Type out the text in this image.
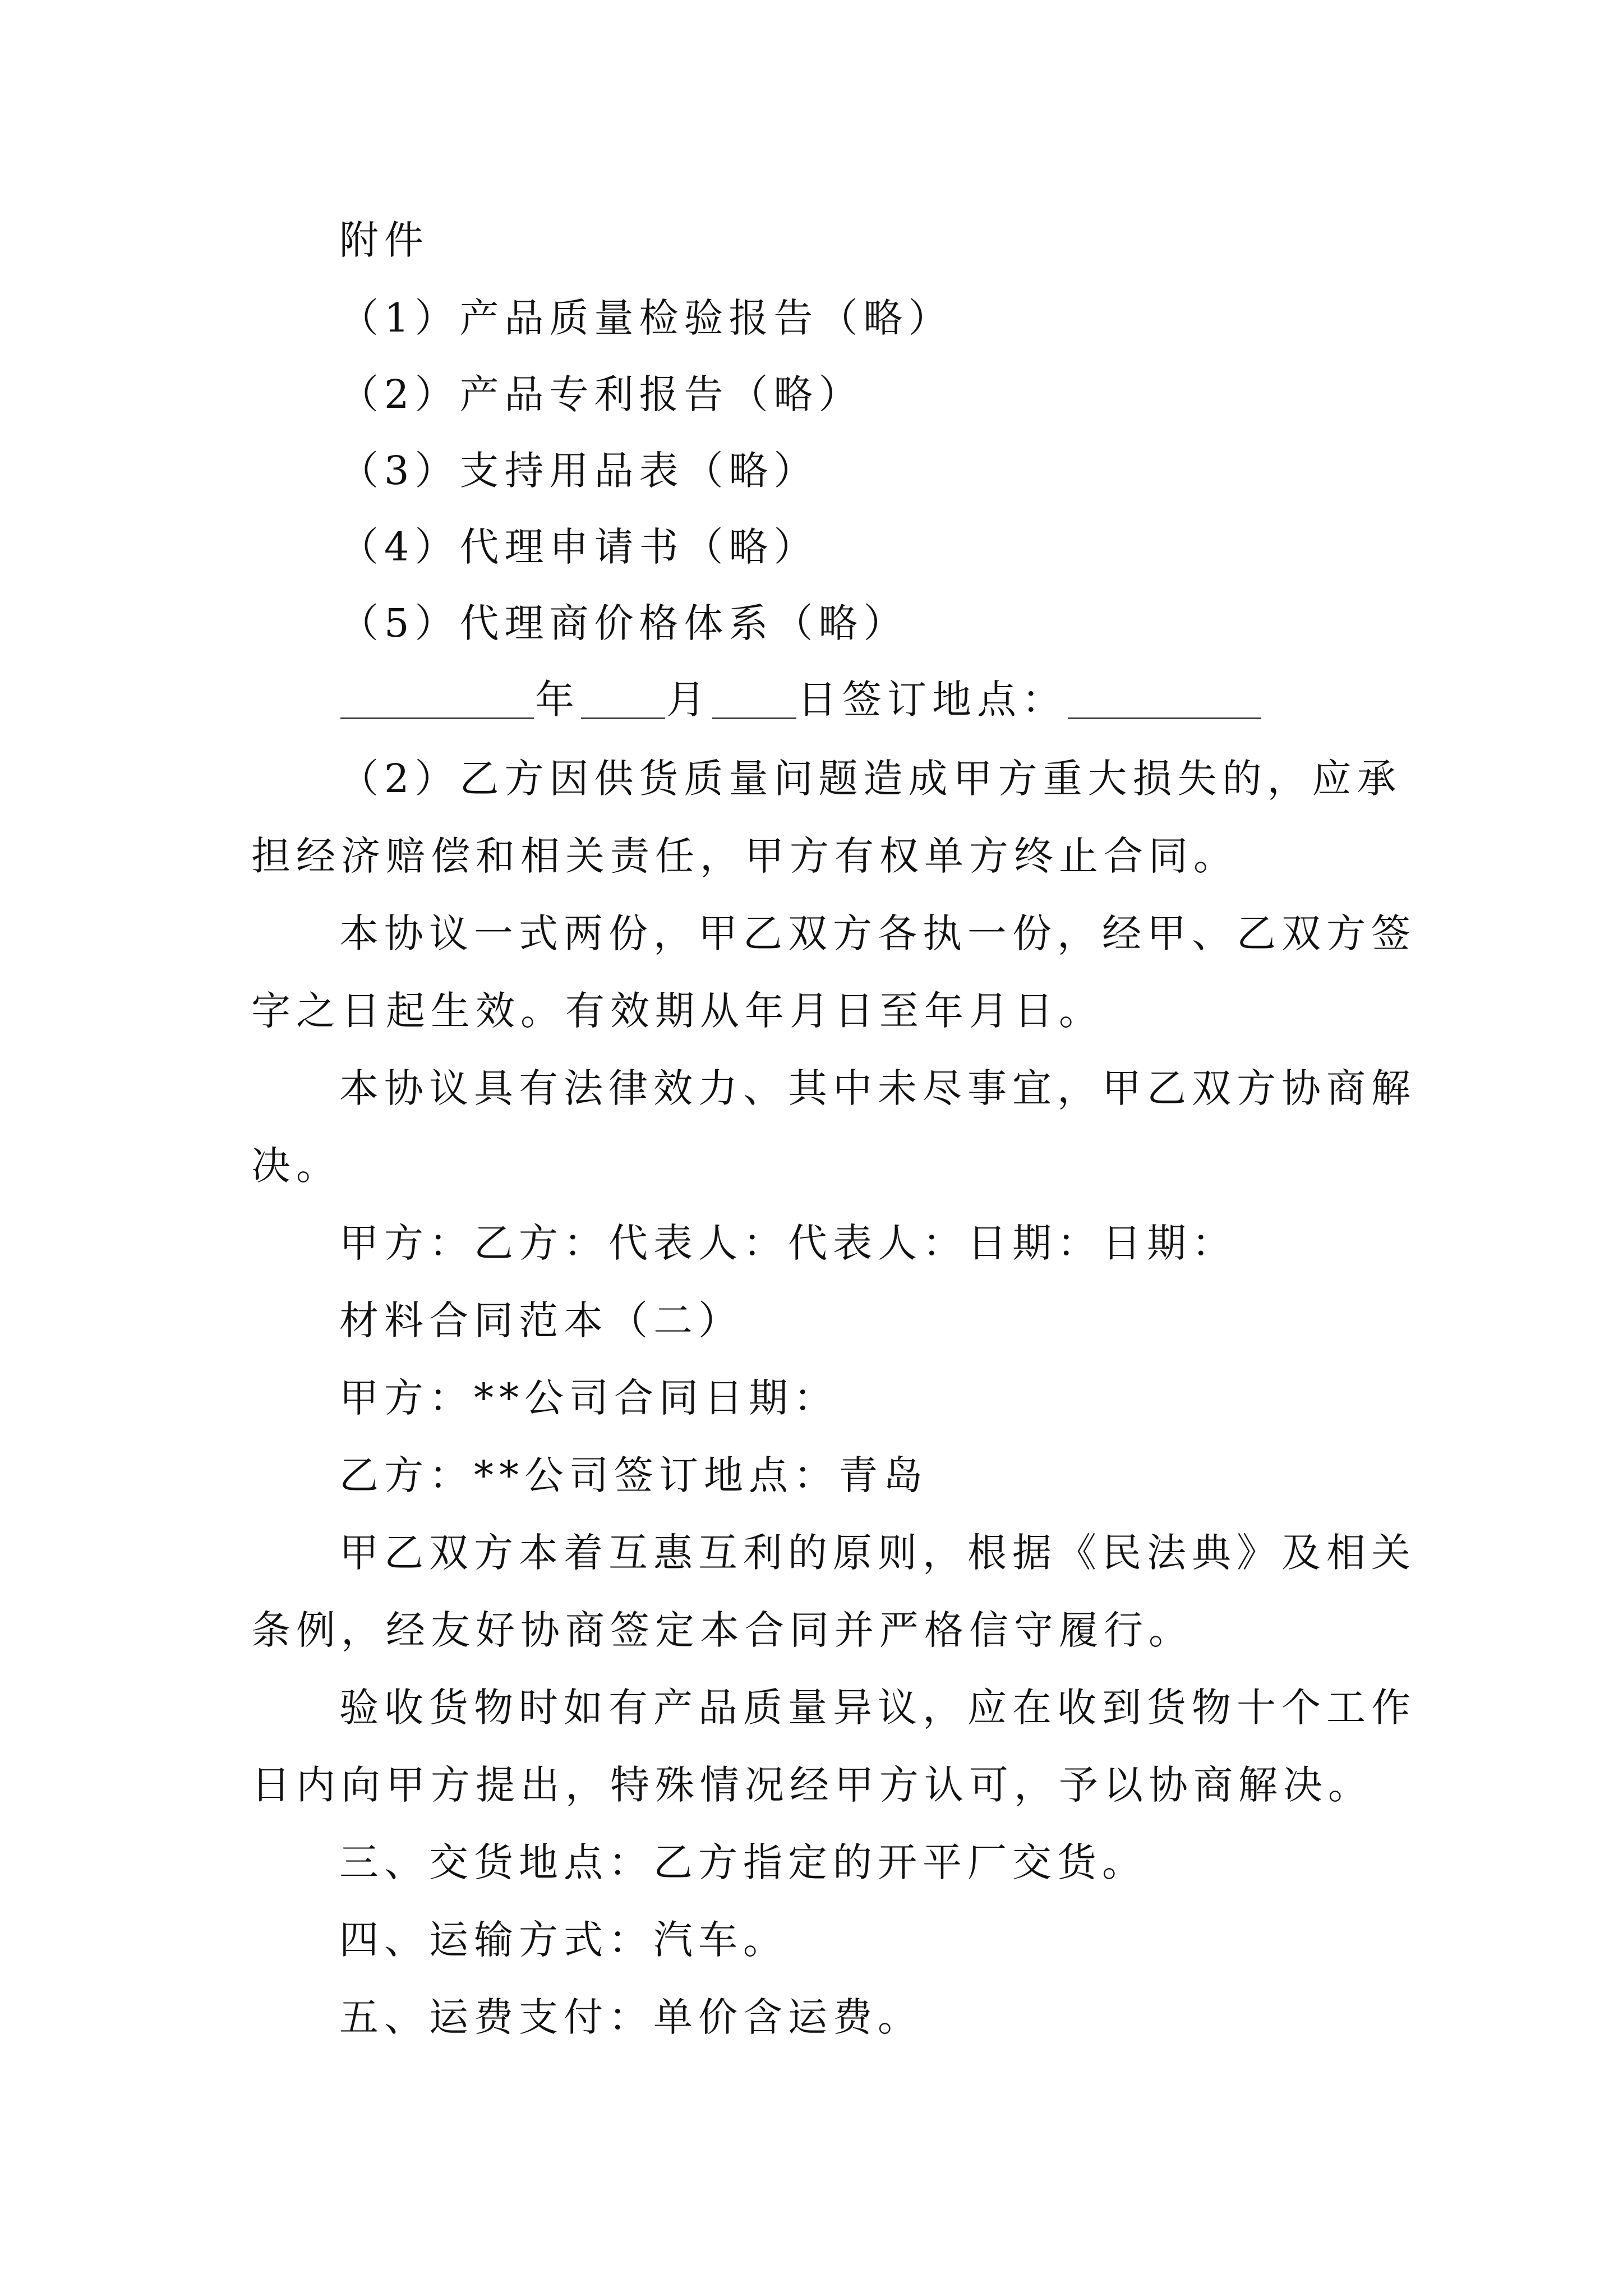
附件
（1）产品质量检验报告（略）
（2）产品专利报告（略）
（3）支持用品表（略）
（4）代理申请书（略）
（5）代理商价格体系（略）
年 月 日签订地点：
（2）乙方因供货质量问题造成甲方重大损失的，应承
担经济赔偿和相关责任，甲方有权单方终止合同。
本协议一式两份，甲乙双方各执一份，经甲、乙双方签
字之日起生效。有效期从年月日至年月日。
本协议具有法律效力、其中未尽事宜，甲乙双方协商解
决。
甲方：乙方：代表人：代表人：日期：日期：
材料合同范本（二）
甲方：**公司合同日期：
乙方：**公司签订地点：青岛
甲乙双方本着互惠互利的原则，根据《民法典》及相关
条例，经友好协商签定本合同并严格信守履行。
验收货物时如有产品质量异议，应在收到货物十个工作
日内向甲方提出，特殊情况经甲方认可，予以协商解决。
三、交货地点：乙方指定的开平厂交货。
四、运输方式：汽车。
五、运费支付：单价含运费。
